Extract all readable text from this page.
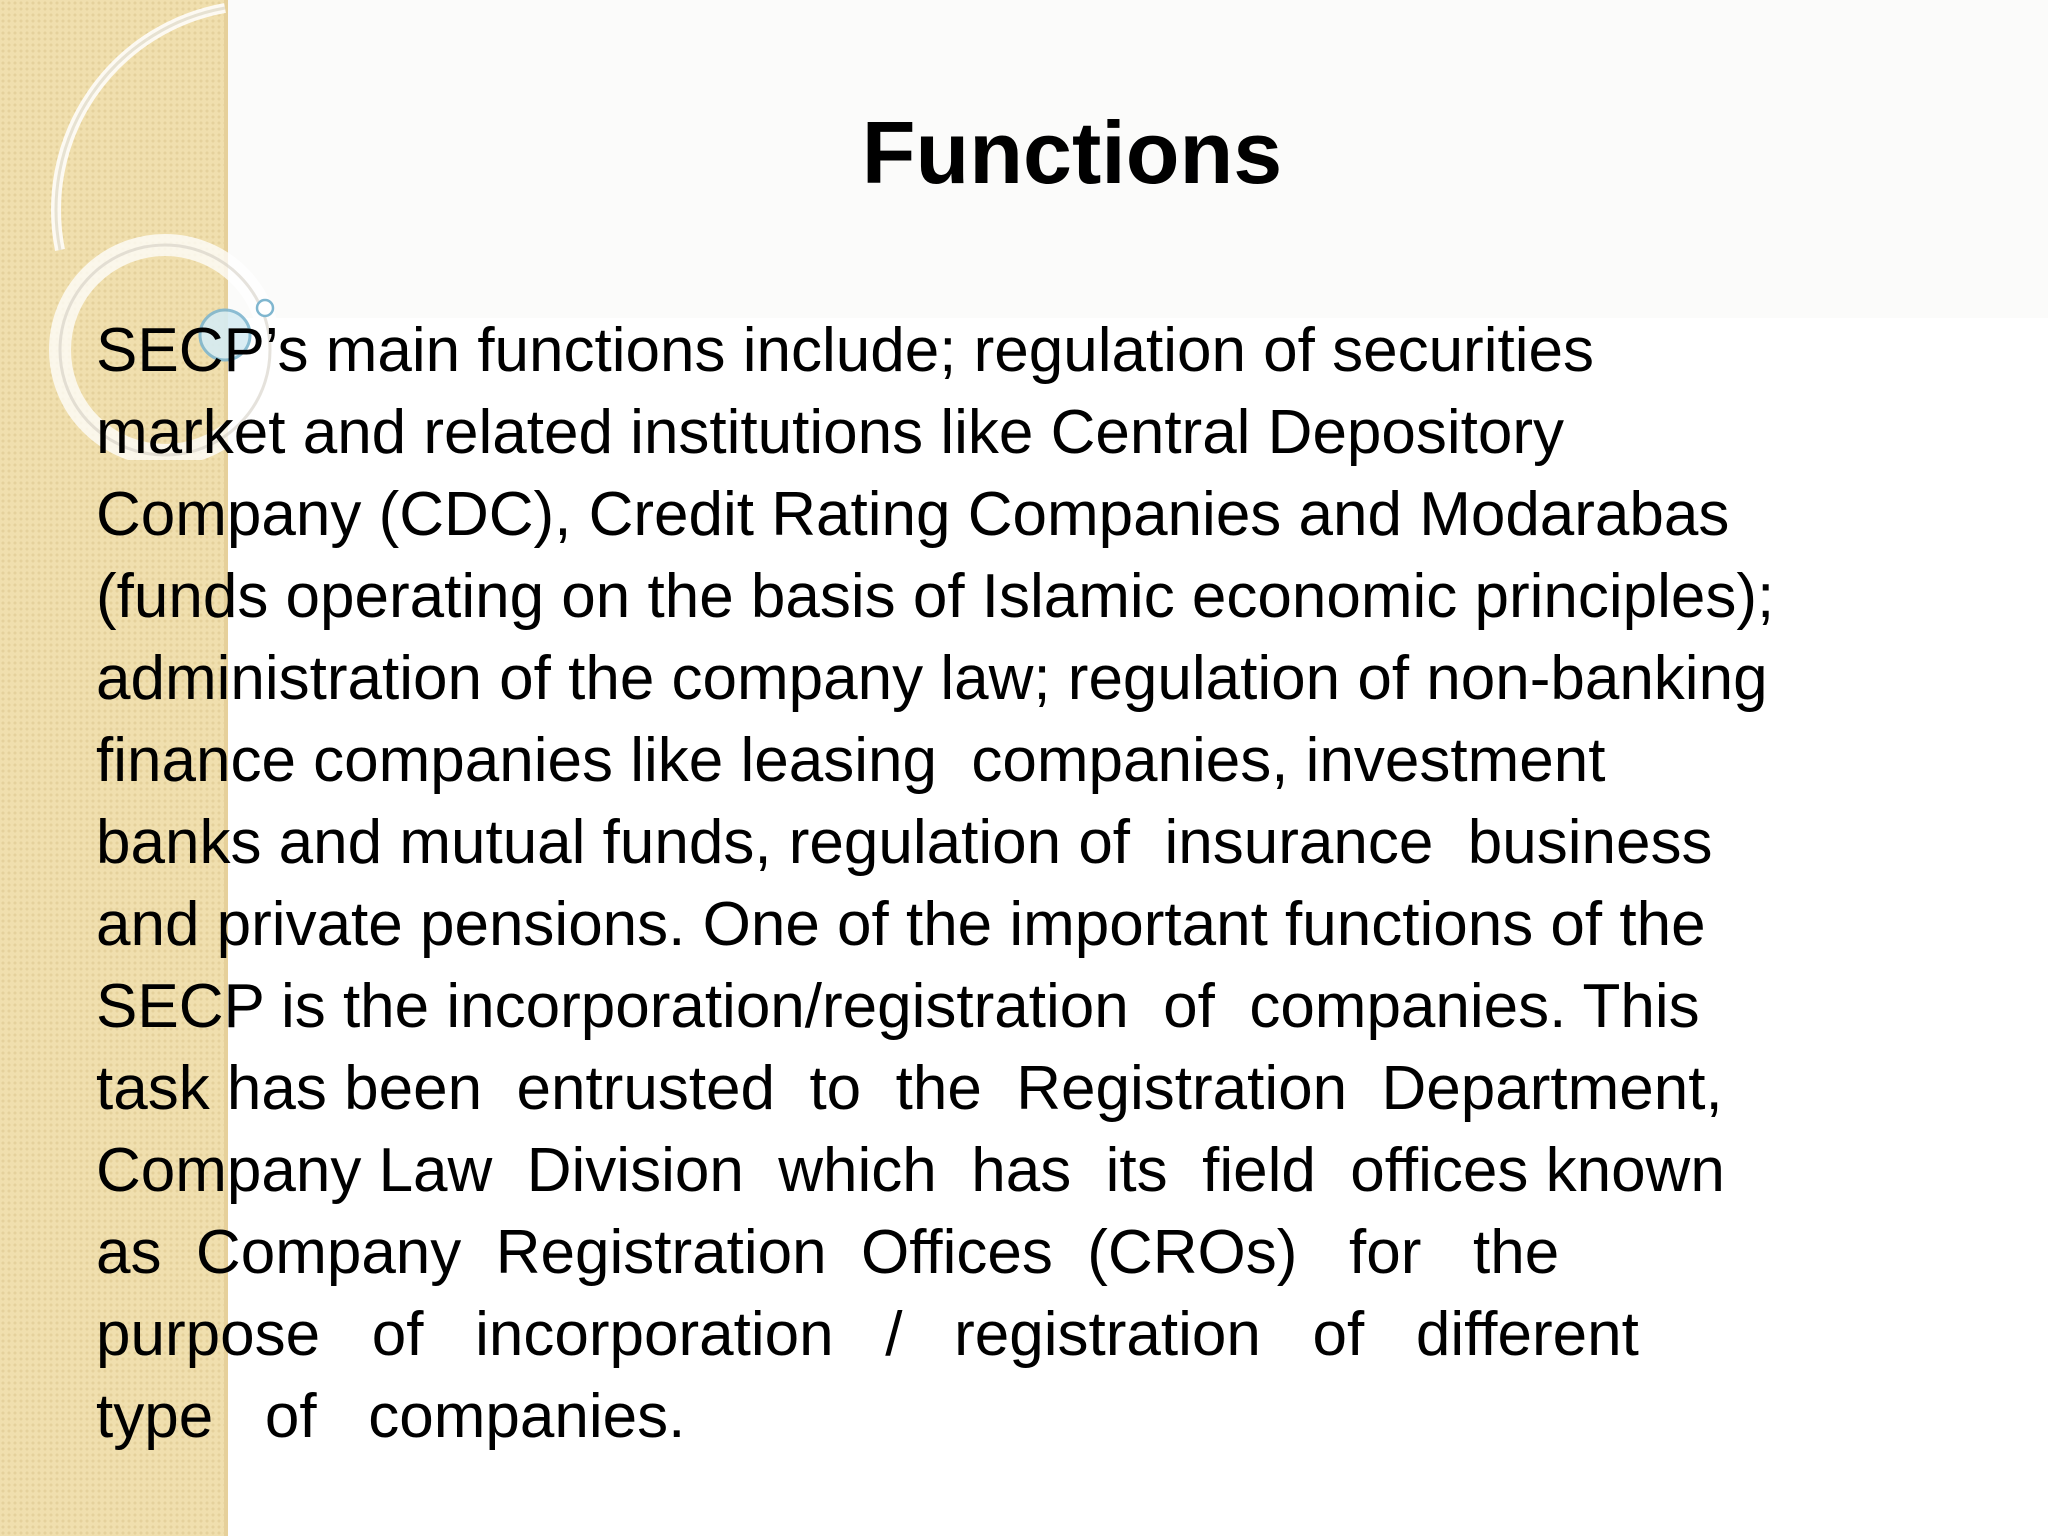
Functions
SECP’s main functions include; regulation of securities
market and related institutions like Central Depository
Company (CDC), Credit Rating Companies and Modarabas
(funds operating on the basis of Islamic economic principles);
administration of the company law; regulation of non-banking
finance companies like leasing  companies, investment
banks and mutual funds, regulation of  insurance  business
and private pensions. One of the important functions of the
SECP is the incorporation/registration  of  companies. This
task has been  entrusted  to  the  Registration  Department,
Company Law  Division  which  has  its  field  offices known
as  Company  Registration  Offices  (CROs)   for   the
purpose   of   incorporation   /   registration   of   different
type   of   companies.
